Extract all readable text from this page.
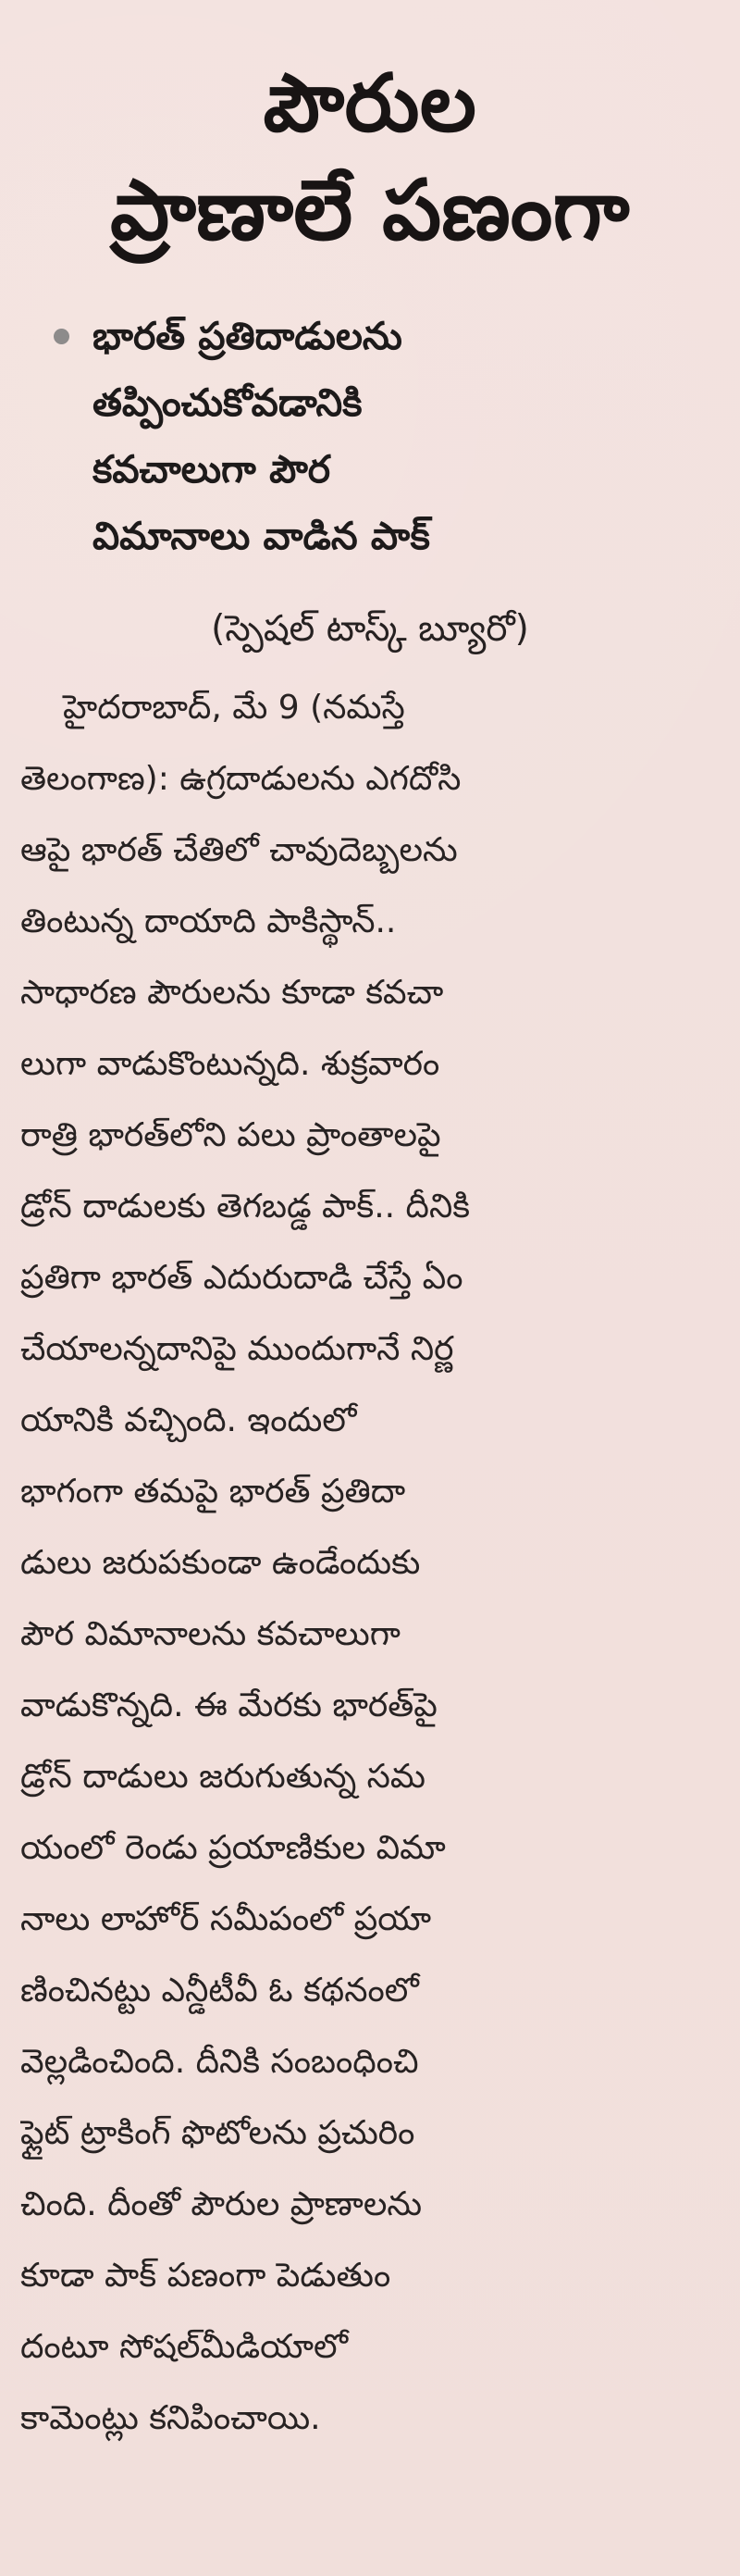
పౌరుల
ప్రాణాలే పణంగా
భారత్ ప్రతిదాడులను
తప్పించుకోవడానికి
కవచాలుగా పౌర
విమానాలు వాడిన పాక్
(స్పెషల్ టాస్క్ బ్యూరో)
హైదరాబాద్, మే 9 (నమస్తే
తెలంగాణ): ఉగ్రదాడులను ఎగదోసి
ఆపై భారత్ చేతిలో చావుదెబ్బలను
తింటున్న దాయాది పాకిస్థాన్..
సాధారణ పౌరులను కూడా కవచా
లుగా వాడుకొంటున్నది. శుక్రవారం
రాత్రి భారత్‌లోని పలు ప్రాంతాలపై
డ్రోన్ దాడులకు తెగబడ్డ పాక్.. దీనికి
ప్రతిగా భారత్ ఎదురుదాడి చేస్తే ఏం
చేయాలన్నదానిపై ముందుగానే నిర్ణ
యానికి వచ్చింది. ఇందులో
భాగంగా తమపై భారత్ ప్రతిదా
డులు జరుపకుండా ఉండేందుకు
పౌర విమానాలను కవచాలుగా
వాడుకొన్నది. ఈ మేరకు భారత్‌పై
డ్రోన్ దాడులు జరుగుతున్న సమ
యంలో రెండు ప్రయాణికుల విమా
నాలు లాహోర్ సమీపంలో ప్రయా
ణించినట్టు ఎన్డీటీవీ ఓ కథనంలో
వెల్లడించింది. దీనికి సంబంధించి
ఫ్లైట్ ట్రాకింగ్ ఫొటోలను ప్రచురిం
చింది. దీంతో పౌరుల ప్రాణాలను
కూడా పాక్ పణంగా పెడుతుం
దంటూ సోషల్‌మీడియాలో
కామెంట్లు కనిపించాయి.
